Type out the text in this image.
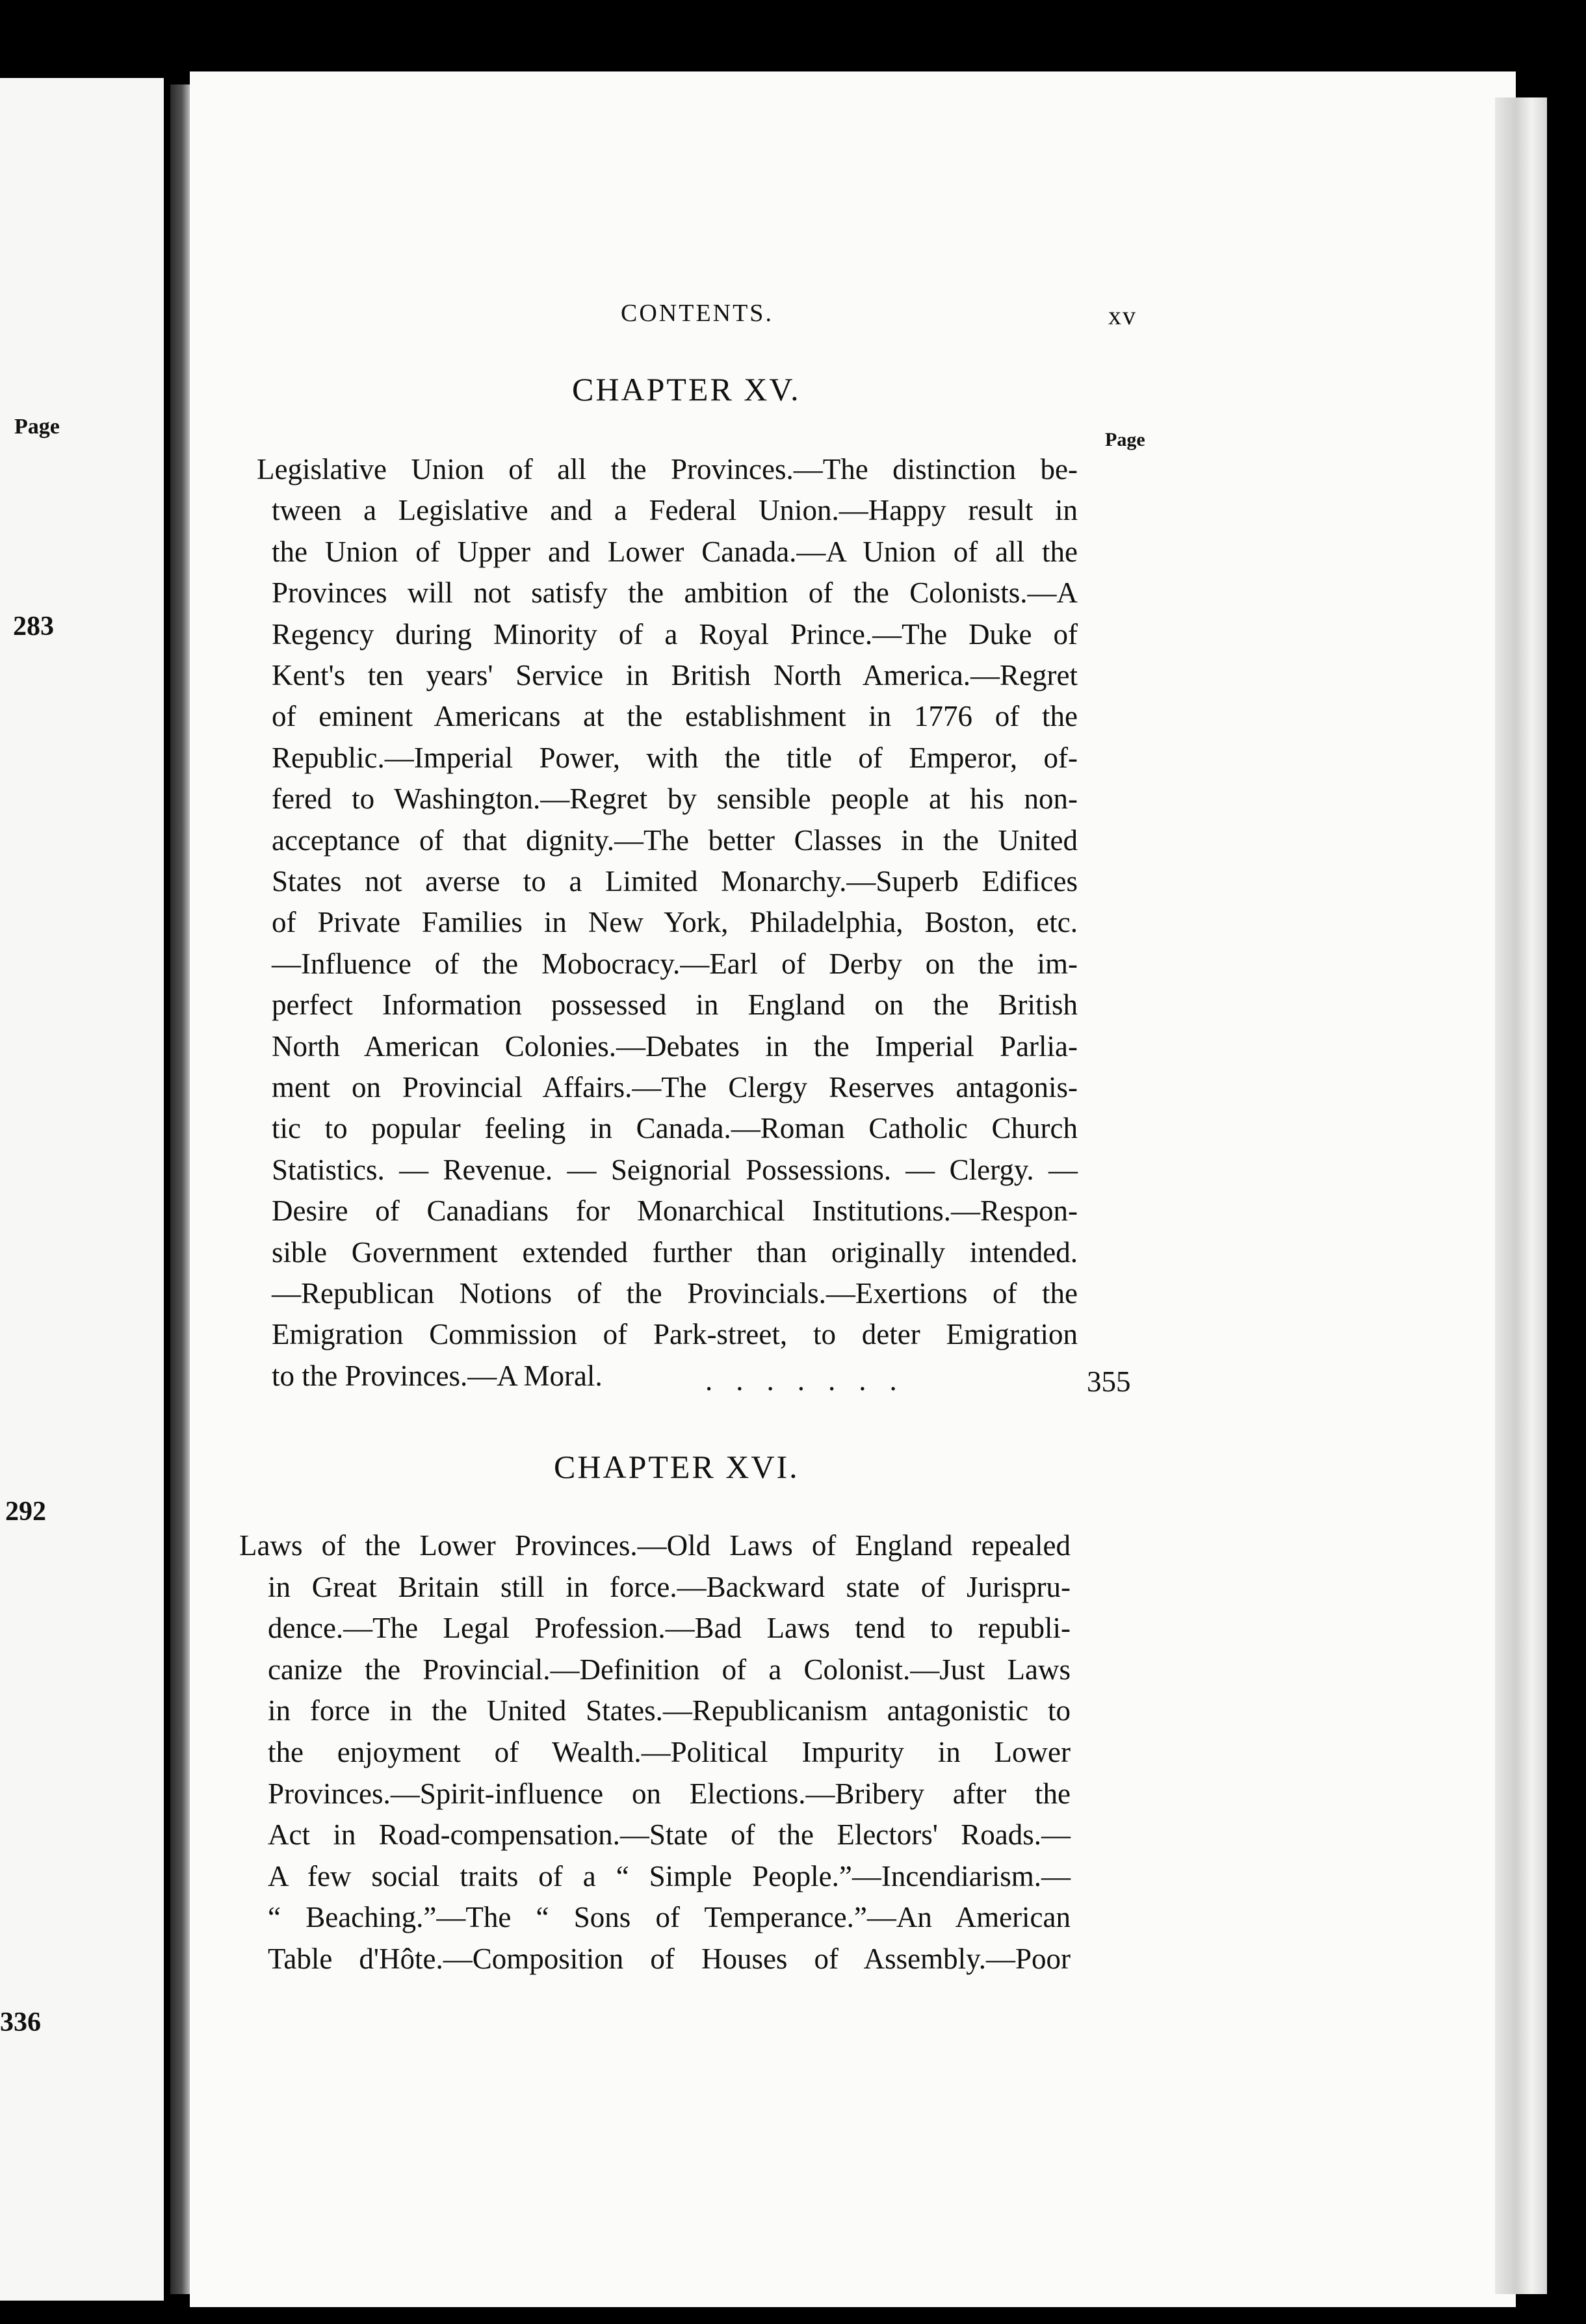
Page
283
292
336
CONTENTS.	xv
CHAPTER XV.
Page
Legislative Union of all the Provinces.—The distinction be-
tween a Legislative and a Federal Union.—Happy result in
the Union of Upper and Lower Canada.—A Union of all the
Provinces will not satisfy the ambition of the Colonists.—A
Regency during Minority of a Royal Prince.—The Duke of
Kent's ten years' Service in British North America.—Regret
of eminent Americans at the establishment in 1776 of the
Republic.—Imperial Power, with the title of Emperor, of-
fered to Washington.—Regret by sensible people at his non-
acceptance of that dignity.—The better Classes in the United
States not averse to a Limited Monarchy.—Superb Edifices
of Private Families in New York, Philadelphia, Boston, etc.
—Influence of the Mobocracy.—Earl of Derby on the im-
perfect Information possessed in England on the British
North American Colonies.—Debates in the Imperial Parlia-
ment on Provincial Affairs.—The Clergy Reserves antagonis-
tic to popular feeling in Canada.—Roman Catholic Church
Statistics. — Revenue. — Seignorial Possessions. — Clergy. —
Desire of Canadians for Monarchical Institutions.—Respon-
sible Government extended further than originally intended.
—Republican Notions of the Provincials.—Exertions of the
Emigration Commission of Park-street, to deter Emigration
to the Provinces.—A Moral.	.......	355
CHAPTER XVI.
Laws of the Lower Provinces.—Old Laws of England repealed
in Great Britain still in force.—Backward state of Jurispru-
dence.—The Legal Profession.—Bad Laws tend to republi-
canize the Provincial.—Definition of a Colonist.—Just Laws
in force in the United States.—Republicanism antagonistic to
the enjoyment of Wealth.—Political Impurity in Lower
Provinces.—Spirit-influence on Elections.—Bribery after the
Act in Road-compensation.—State of the Electors' Roads.—
A few social traits of a “ Simple People.”—Incendiarism.—
“ Beaching.”—The “ Sons of Temperance.”—An American
Table d'Hôte.—Composition of Houses of Assembly.—Poor
